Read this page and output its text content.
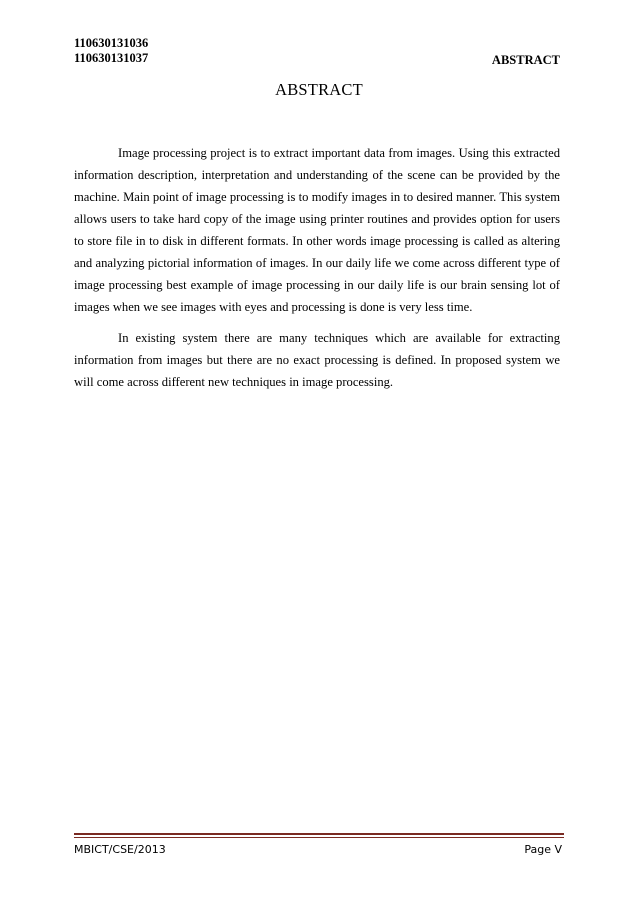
110630131036
110630131037	ABSTRACT
ABSTRACT

Image processing project is to extract important data from images. Using this extracted information description, interpretation and understanding of the scene can be provided by the machine. Main point of image processing is to modify images in to desired manner. This system allows users to take hard copy of the image using printer routines and provides option for users to store file in to disk in different formats. In other words image processing is called as altering and analyzing pictorial information of images. In our daily life we come across different type of image processing best example of image processing in our daily life is our brain sensing lot of images when we see images with eyes and processing is done is very less time.

In existing system there are many techniques which are available for extracting information from images but there are no exact processing is defined. In proposed system we will come across different new techniques in image processing.

MBICT/CSE/2013	Page V
